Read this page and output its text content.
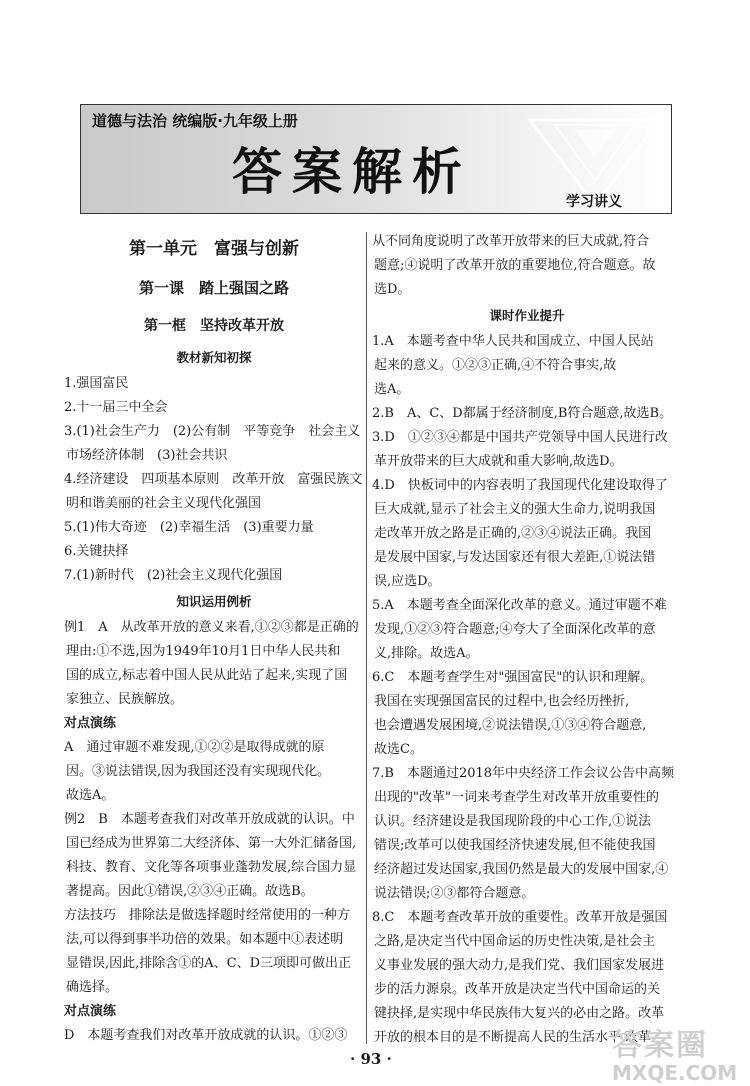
道德与法治 统编版·九年级上册
答案解析
学习讲义
第一单元　富强与创新
第一课　踏上强国之路
第一框　坚持改革开放
教材新知初探
1.强国富民
2.十一届三中全会
3.(1)社会生产力　(2)公有制　平等竞争　社会主义
市场经济体制　(3)社会共识
4.经济建设　四项基本原则　改革开放　富强民族文
明和谐美丽的社会主义现代化强国
5.(1)伟大奇迹　(2)幸福生活　(3)重要力量
6.关键抉择
7.(1)新时代　(2)社会主义现代化强国
知识运用例析
例1　A　从改革开放的意义来看,①②③都是正确的
理由:①不选,因为1949年10月1日中华人民共和
国的成立,标志着中国人民从此站了起来,实现了国
家独立、民族解放。
对点演练
A　通过审题不难发现,①②②是取得成就的原
因。③说法错误,因为我国还没有实现现代化。
故选A。
例2　B　本题考查我们对改革开放成就的认识。中
国已经成为世界第二大经济体、第一大外汇储备国,
科技、教育、文化等各项事业蓬勃发展,综合国力显
著提高。因此①错误,②③④正确。故选B。
方法技巧　排除法是做选择题时经常使用的一种方
法,可以得到事半功倍的效果。如本题中①表述明
显错误,因此,排除含①的A、C、D三项即可做出正
确选择。
对点演练
D　本题考查我们对改革开放成就的认识。①②③
从不同角度说明了改革开放带来的巨大成就,符合
题意;④说明了改革开放的重要地位,符合题意。故
选D。
课时作业提升
1.A　本题考查中华人民共和国成立、中国人民站
起来的意义。①②③正确,④不符合事实,故
选A。
2.B　A、C、D都属于经济制度,B符合题意,故选B。
3.D　①②③④都是中国共产党领导中国人民进行改
革开放带来的巨大成就和重大影响,故选D。
4.D　快板词中的内容表明了我国现代化建设取得了
巨大成就,显示了社会主义的强大生命力,说明我国
走改革开放之路是正确的,②③④说法正确。我国
是发展中国家,与发达国家还有很大差距,①说法错
误,应选D。
5.A　本题考查全面深化改革的意义。通过审题不难
发现,①②③符合题意;④夸大了全面深化改革的意
义,排除。故选A。
6.C　本题考查学生对"强国富民"的认识和理解。
我国在实现强国富民的过程中,也会经历挫折,
也会遭遇发展困境,②说法错误,①③④符合题意,
故选C。
7.B　本题通过2018年中央经济工作会议公告中高频
出现的"改革"一词来考查学生对改革开放重要性的
认识。经济建设是我国现阶段的中心工作,①说法
错误;改革可以使我国经济快速发展,但不能使我国
经济超过发达国家,我国仍然是最大的发展中国家,④
说法错误;②③都符合题意。
8.C　本题考查改革开放的重要性。改革开放是强国
之路,是决定当代中国命运的历史性决策,是社会主
义事业发展的强大动力,是我们党、我们国家发展进
步的活力源泉。改革开放是决定当代中国命运的关
键抉择,是实现中华民族伟大复兴的必由之路。改革
开放的根本目的是不断提高人民的生活水平,改革
· 93 ·	答案圈
MXQE.COM
